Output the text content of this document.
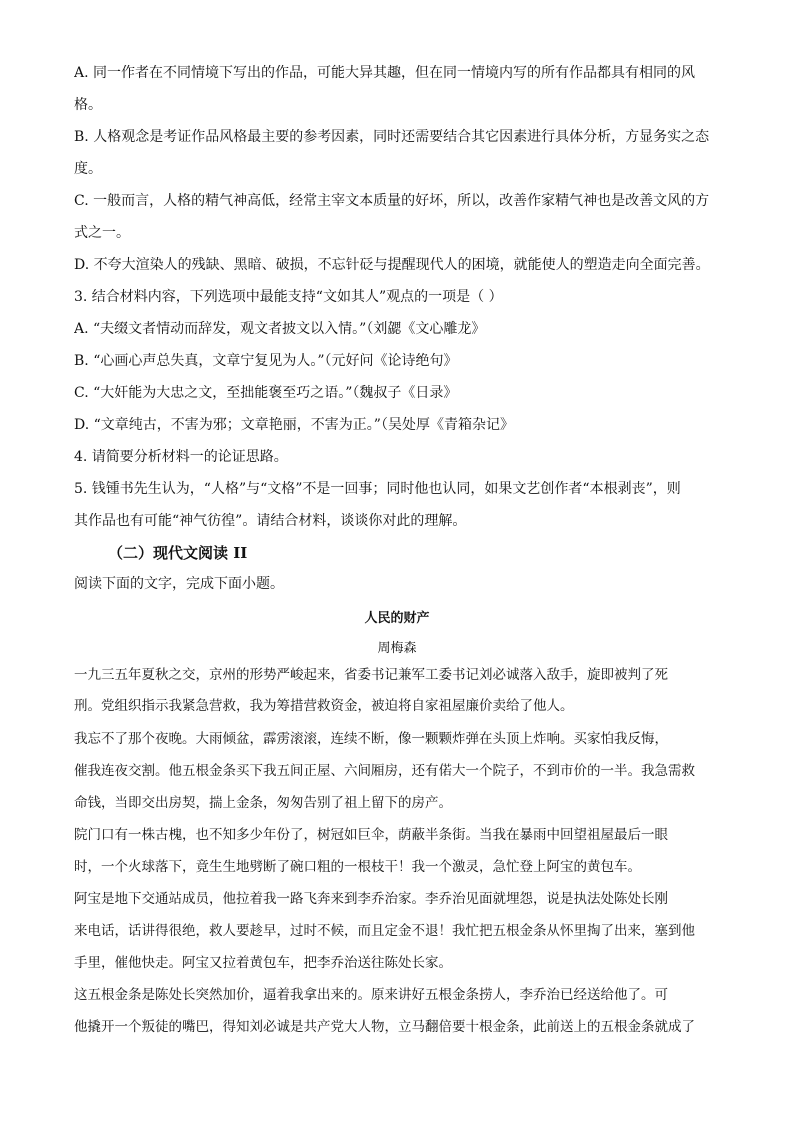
A. 同一作者在不同情境下写出的作品，可能大异其趣，但在同一情境内写的所有作品都具有相同的风
格。
B. 人格观念是考证作品风格最主要的参考因素，同时还需要结合其它因素进行具体分析，方显务实之态
度。
C. 一般而言，人格的精气神高低，经常主宰文本质量的好坏，所以，改善作家精气神也是改善文风的方
式之一。
D. 不夸大渲染人的残缺、黑暗、破损，不忘针砭与提醒现代人的困境，就能使人的塑造走向全面完善。
3. 结合材料内容，下列选项中最能支持“文如其人”观点的一项是（ ）
A. “夫缀文者情动而辞发，观文者披文以入情。”（刘勰《文心雕龙》
B. “心画心声总失真，文章宁复见为人。”（元好问《论诗绝句》
C. “大奸能为大忠之文，至拙能褒至巧之语。”（魏叔子《日录》
D. “文章纯古，不害为邪；文章艳丽，不害为正。”（吴处厚《青箱杂记》
4. 请简要分析材料一的论证思路。
5. 钱锺书先生认为，“人格”与“文格”不是一回事；同时他也认同，如果文艺创作者“本根剥丧”，则
其作品也有可能“神气彷徨”。请结合材料，谈谈你对此的理解。
（二）现代文阅读 II
阅读下面的文字，完成下面小题。
人民的财产
周梅森
一九三五年夏秋之交，京州的形势严峻起来，省委书记兼军工委书记刘必诚落入敌手，旋即被判了死
刑。党组织指示我紧急营救，我为筹措营救资金，被迫将自家祖屋廉价卖给了他人。
我忘不了那个夜晚。大雨倾盆，霹雳滚滚，连续不断，像一颗颗炸弹在头顶上炸响。买家怕我反悔，
催我连夜交割。他五根金条买下我五间正屋、六间厢房，还有偌大一个院子，不到市价的一半。我急需救
命钱，当即交出房契，揣上金条，匆匆告别了祖上留下的房产。
院门口有一株古槐，也不知多少年份了，树冠如巨伞，荫蔽半条街。当我在暴雨中回望祖屋最后一眼
时，一个火球落下，竟生生地劈断了碗口粗的一根枝干！我一个激灵，急忙登上阿宝的黄包车。
阿宝是地下交通站成员，他拉着我一路飞奔来到李乔治家。李乔治见面就埋怨，说是执法处陈处长刚
来电话，话讲得很绝，救人要趁早，过时不候，而且定金不退！我忙把五根金条从怀里掏了出来，塞到他
手里，催他快走。阿宝又拉着黄包车，把李乔治送往陈处长家。
这五根金条是陈处长突然加价，逼着我拿出来的。原来讲好五根金条捞人，李乔治已经送给他了。可
他撬开一个叛徒的嘴巴，得知刘必诚是共产党大人物，立马翻倍要十根金条，此前送上的五根金条就成了
